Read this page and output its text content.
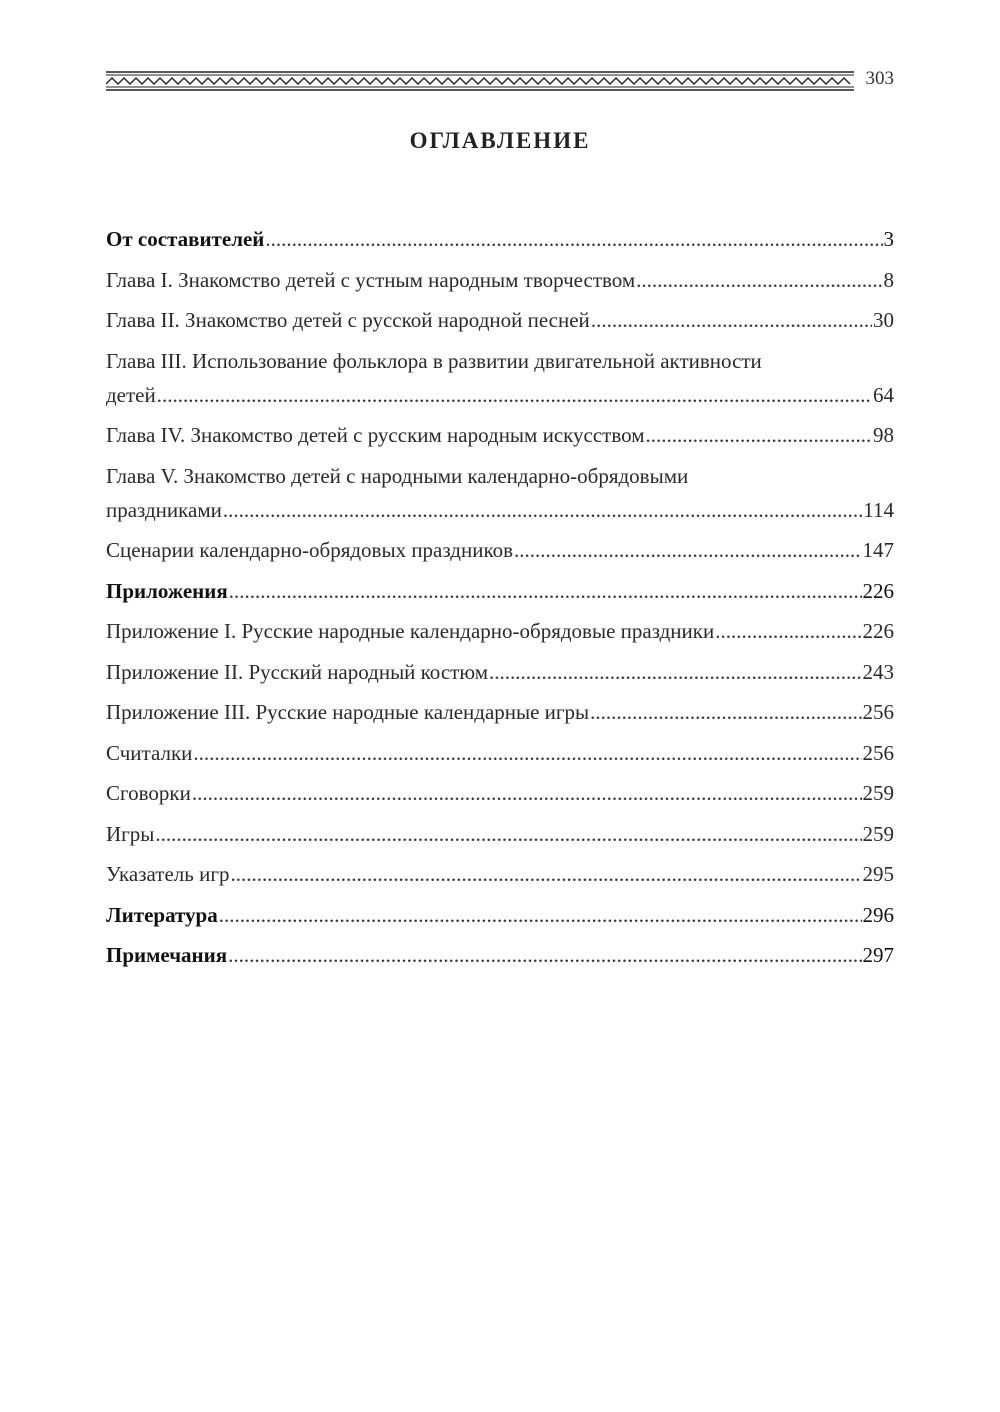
303
ОГЛАВЛЕНИЕ
От составителей .....	3
Глава I. Знакомство детей с устным народным творчеством .....	8
Глава II. Знакомство детей с русской народной песней .....	30
Глава III. Использование фольклора в развитии двигательной активности
детей .....	64
Глава IV. Знакомство детей с русским народным искусством .....	98
Глава V. Знакомство детей с народными календарно-обрядовыми
праздниками .....	114
Сценарии календарно-обрядовых праздников .....	147
Приложения .....	226
Приложение I. Русские народные календарно-обрядовые праздники .....	226
Приложение II. Русский народный костюм .....	243
Приложение III. Русские народные календарные игры .....	256
Считалки .....	256
Сговорки .....	259
Игры .....	259
Указатель игр .....	295
Литература .....	296
Примечания .....	297
